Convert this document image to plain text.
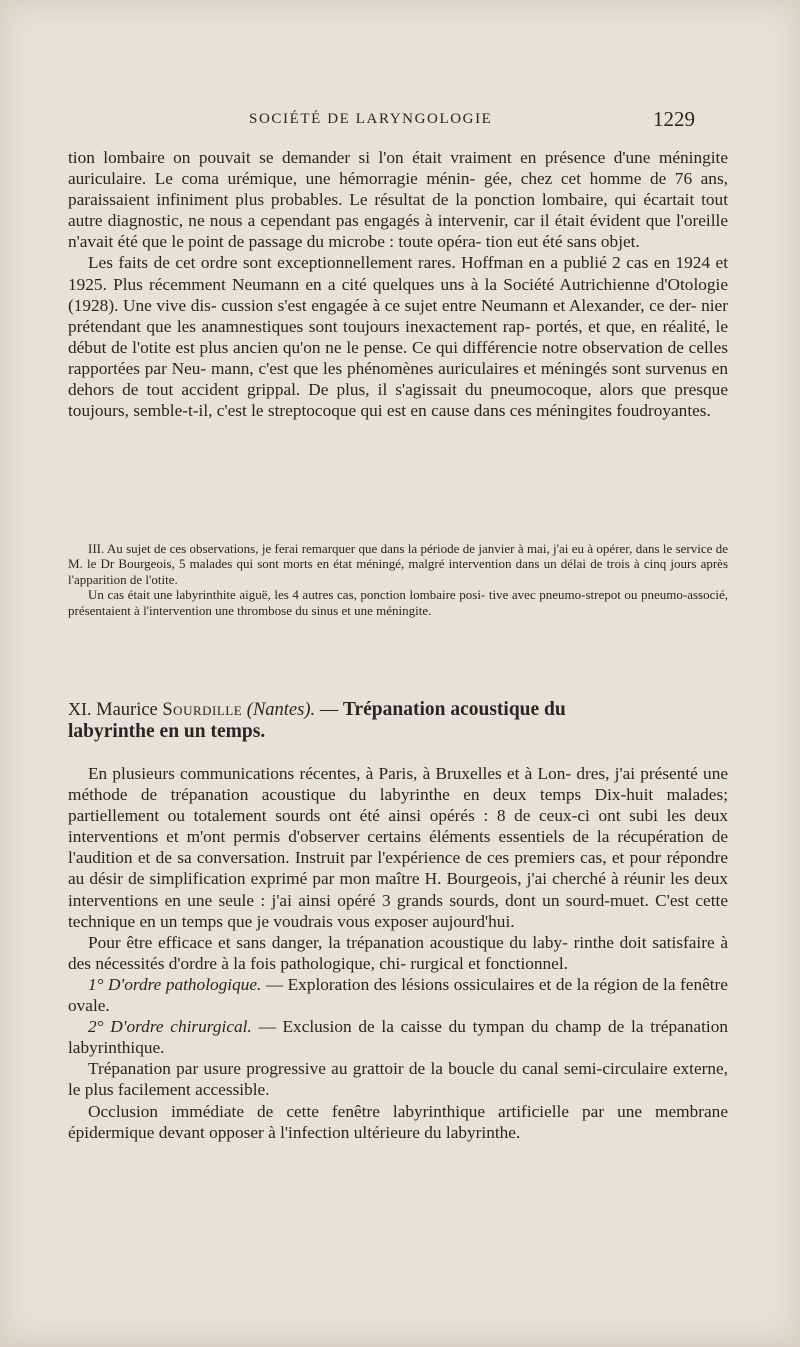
SOCIÉTÉ DE LARYNGOLOGIE	1229

tion lombaire on pouvait se demander si l'on était vraiment en présence d'une méningite auriculaire. Le coma urémique, une hémorragie ménin- gée, chez cet homme de 76 ans, paraissaient infiniment plus probables. Le résultat de la ponction lombaire, qui écartait tout autre diagnostic, ne nous a cependant pas engagés à intervenir, car il était évident que l'oreille n'avait été que le point de passage du microbe : toute opéra- tion eut été sans objet.

Les faits de cet ordre sont exceptionnellement rares. Hoffman en a publié 2 cas en 1924 et 1925. Plus récemment Neumann en a cité quelques uns à la Société Autrichienne d'Otologie (1928). Une vive dis- cussion s'est engagée à ce sujet entre Neumann et Alexander, ce der- nier prétendant que les anamnestiques sont toujours inexactement rap- portés, et que, en réalité, le début de l'otite est plus ancien qu'on ne le pense. Ce qui différencie notre observation de celles rapportées par Neu- mann, c'est que les phénomènes auriculaires et méningés sont survenus en dehors de tout accident grippal. De plus, il s'agissait du pneumocoque, alors que presque toujours, semble-t-il, c'est le streptocoque qui est en cause dans ces méningites foudroyantes.

III. Au sujet de ces observations, je ferai remarquer que dans la période de janvier à mai, j'ai eu à opérer, dans le service de M. le Dr Bourgeois, 5 malades qui sont morts en état méningé, malgré intervention dans un délai de trois à cinq jours après l'apparition de l'otite.

Un cas était une labyrinthite aiguë, les 4 autres cas, ponction lombaire posi- tive avec pneumo-strepot ou pneumo-associé, présentaient à l'intervention une thrombose du sinus et une méningite.

XI. Maurice Sourdille (Nantes). — Trépanation acoustique du
labyrinthe en un temps.

En plusieurs communications récentes, à Paris, à Bruxelles et à Lon- dres, j'ai présenté une méthode de trépanation acoustique du labyrinthe en deux temps Dix-huit malades; partiellement ou totalement sourds ont été ainsi opérés : 8 de ceux-ci ont subi les deux interventions et m'ont permis d'observer certains éléments essentiels de la récupération de l'audition et de sa conversation. Instruit par l'expérience de ces premiers cas, et pour répondre au désir de simplification exprimé par mon maître H. Bourgeois, j'ai cherché à réunir les deux interventions en une seule : j'ai ainsi opéré 3 grands sourds, dont un sourd-muet. C'est cette technique en un temps que je voudrais vous exposer aujourd'hui.

Pour être efficace et sans danger, la trépanation acoustique du laby- rinthe doit satisfaire à des nécessités d'ordre à la fois pathologique, chi- rurgical et fonctionnel.

1° D'ordre pathologique. — Exploration des lésions ossiculaires et de la région de la fenêtre ovale.

2° D'ordre chirurgical. — Exclusion de la caisse du tympan du champ de la trépanation labyrinthique.

Trépanation par usure progressive au grattoir de la boucle du canal semi-circulaire externe, le plus facilement accessible.

Occlusion immédiate de cette fenêtre labyrinthique artificielle par une membrane épidermique devant opposer à l'infection ultérieure du labyrinthe.
